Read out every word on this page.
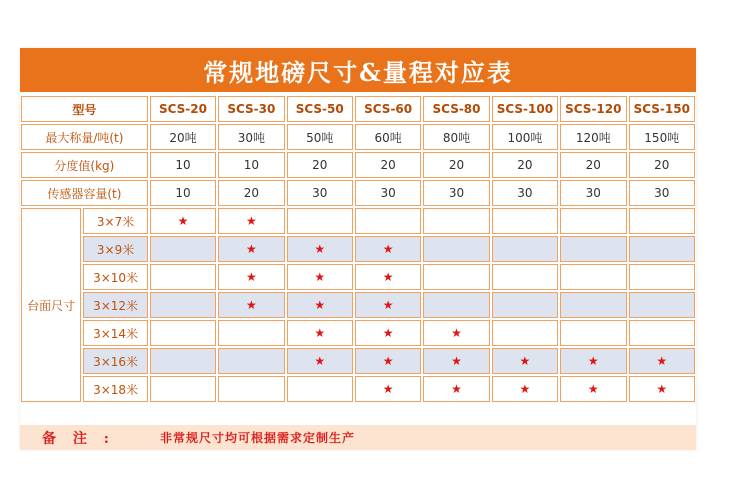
常规地磅尺寸&量程对应表
型号		SCS-20	SCS-30	SCS-50	SCS-60	SCS-80	SCS-100	SCS-120	SCS-150
最大称量/吨(t)		20吨	30吨	50吨	60吨	80吨	100吨	120吨	150吨
分度值(kg)		10	10	20	20	20	20	20	20
传感器容量(t)		10	20	30	30	30	30	30	30
台面尺寸	3×7米	★	★						
	3×9米		★	★	★				
	3×10米		★	★	★				
	3×12米		★	★	★				
	3×14米			★	★	★			
	3×16米			★	★	★	★	★	★
	3×18米				★	★	★	★	★
备 注 :	非常规尺寸均可根据需求定制生产
